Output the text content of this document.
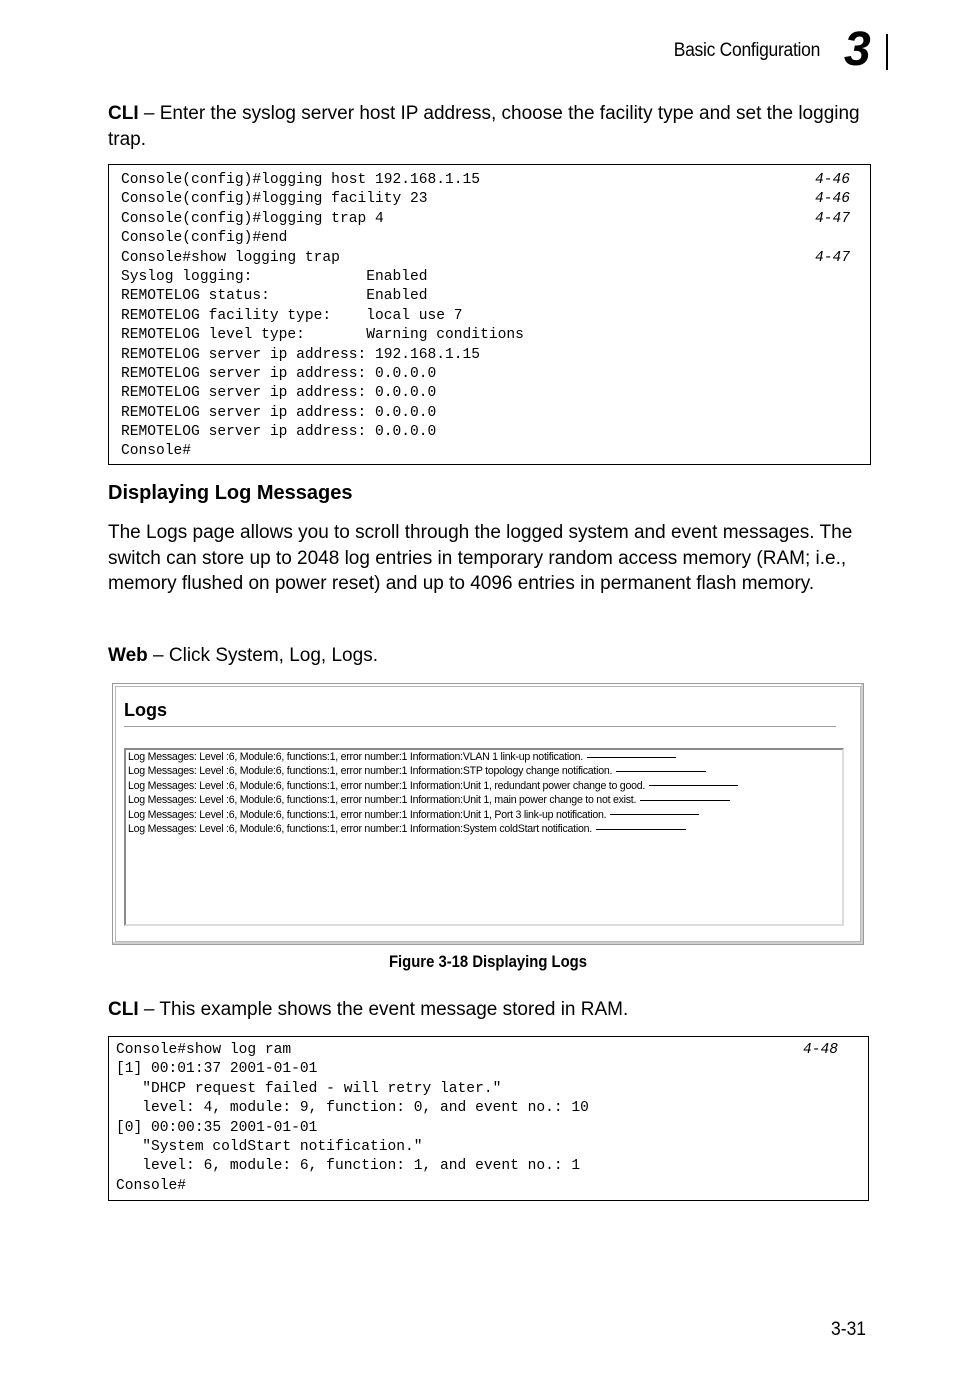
Basic Configuration 3

CLI – Enter the syslog server host IP address, choose the facility type and set the logging trap.

Console(config)#logging host 192.168.1.15	4-46
Console(config)#logging facility 23	4-46
Console(config)#logging trap 4	4-47
Console(config)#end
Console#show logging trap	4-47
Syslog logging:             Enabled
REMOTELOG status:           Enabled
REMOTELOG facility type:    local use 7
REMOTELOG level type:       Warning conditions
REMOTELOG server ip address: 192.168.1.15
REMOTELOG server ip address: 0.0.0.0
REMOTELOG server ip address: 0.0.0.0
REMOTELOG server ip address: 0.0.0.0
REMOTELOG server ip address: 0.0.0.0
Console#
Displaying Log Messages

The Logs page allows you to scroll through the logged system and event messages. The switch can store up to 2048 log entries in temporary random access memory (RAM; i.e., memory flushed on power reset) and up to 4096 entries in permanent flash memory.

Web – Click System, Log, Logs.

Logs
Log Messages: Level :6, Module:6, functions:1, error number:1 Information:VLAN 1 link-up notification.
Log Messages: Level :6, Module:6, functions:1, error number:1 Information:STP topology change notification.
Log Messages: Level :6, Module:6, functions:1, error number:1 Information:Unit 1, redundant power change to good.
Log Messages: Level :6, Module:6, functions:1, error number:1 Information:Unit 1, main power change to not exist.
Log Messages: Level :6, Module:6, functions:1, error number:1 Information:Unit 1, Port 3 link-up notification.
Log Messages: Level :6, Module:6, functions:1, error number:1 Information:System coldStart notification.
Figure 3-18 Displaying Logs

CLI – This example shows the event message stored in RAM.

Console#show log ram	4-48
[1] 00:01:37 2001-01-01
"DHCP request failed - will retry later."
level: 4, module: 9, function: 0, and event no.: 10
[0] 00:00:35 2001-01-01
"System coldStart notification."
level: 6, module: 6, function: 1, and event no.: 1
Console#
3-31
